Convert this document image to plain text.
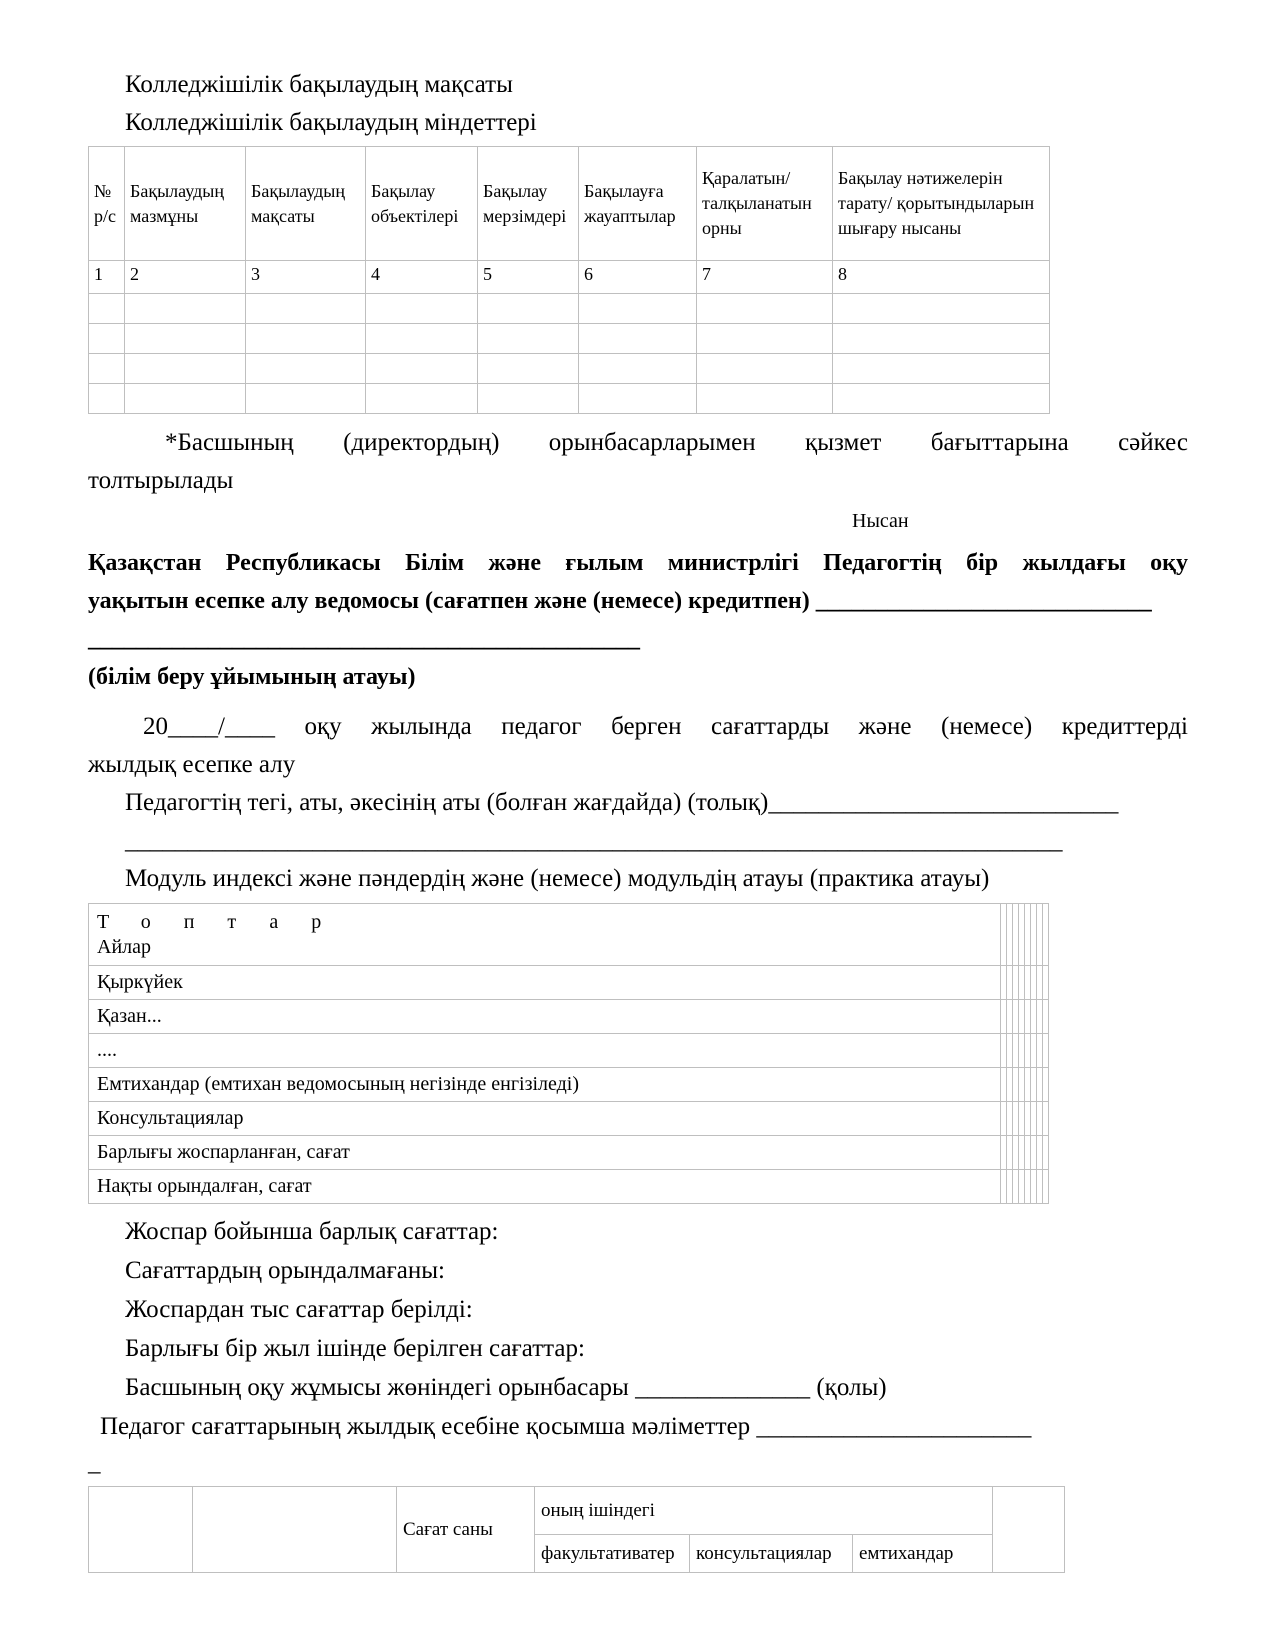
Колледжішілік бақылаудың мақсаты
Колледжішілік бақылаудың міндеттері
№ р/с	Бақылаудың мазмұны	Бақылаудың мақсаты	Бақылау объектілері	Бақылау мерзімдері	Бақылауға жауаптылар	Қаралатын/ талқыланатын орны	Бақылау нәтижелерін тарату/ қорытындыларын шығару нысаны
1	2	3	4	5	6	7	8

*Басшының (директордың) орынбасарларымен қызмет бағыттарына сәйкес
толтырылады
Нысан
Қазақстан Республикасы Білім және ғылым министрлігі Педагогтің бір жылдағы оқу
уақытын есепке алу ведомосы (сағатпен және (немесе) кредитпен) ____________________________
______________________________________________
(білім беру ұйымының атауы)
20____/____ оқу жылында педагог берген сағаттарды және (немесе) кредиттерді
жылдық есепке алу
Педагогтің тегі, аты, әкесінің аты (болған жағдайда) (толық)____________________________
___________________________________________________________________________
Модуль индексі және пәндердің және (немесе) модульдің атауы (практика атауы)
Топтар
Айлар								
Қыркүйек								
Қазан...								
....								
Емтихандар (емтихан ведомосының негізінде енгізіледі)								
Консультациялар								
Барлығы жоспарланған, сағат								
Нақты орындалған, сағат								
Жоспар бойынша барлық сағаттар:
Сағаттардың орындалмағаны:
Жоспардан тыс сағаттар берілді:
Барлығы бір жыл ішінде берілген сағаттар:
Басшының оқу жұмысы жөніндегі орынбасары ______________ (қолы)
Педагог сағаттарының жылдық есебіне қосымша мәліметтер ______________________
_
		Сағат саны	оның ішіндегі			
			факультативатер	консультациялар	емтихандар	
